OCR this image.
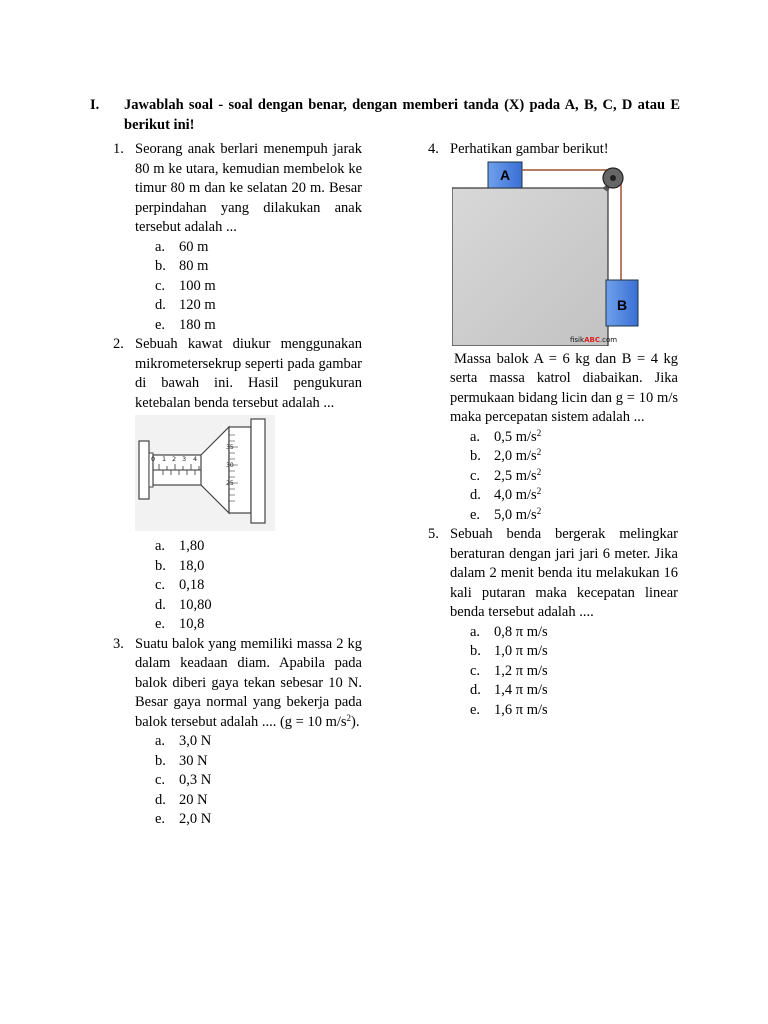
I. Jawablah soal - soal dengan benar, dengan memberi tanda (X) pada A, B, C, D atau E berikut ini!
1. Seorang anak berlari menempuh jarak 80 m ke utara, kemudian membelok ke timur 80 m dan ke selatan 20 m. Besar perpindahan yang dilakukan anak tersebut adalah ...
a. 60 m
b. 80 m
c. 100 m
d. 120 m
e. 180 m
2. Sebuah kawat diukur menggunakan mikrometersekrup seperti pada gambar di bawah ini. Hasil pengukuran ketebalan benda tersebut adalah ...
0 1 2 3 4
35
30
25
a. 1,80
b. 18,0
c. 0,18
d. 10,80
e. 10,8
3. Suatu balok yang memiliki massa 2 kg dalam keadaan diam. Apabila pada balok diberi gaya tekan sebesar 10 N. Besar gaya normal yang bekerja pada balok tersebut adalah .... (g = 10 $m/s^2$).
a. 3,0 N
b. 30 N
c. 0,3 N
d. 20 N
e. 2,0 N
4. Perhatikan gambar berikut!
A
B
fisikABC.com
Massa balok A = 6 kg dan B = 4 kg serta massa katrol diabaikan. Jika permukaan bidang licin dan g = 10 m/s maka percepatan sistem adalah ...
a. 0,5 $m/s^2$
b. 2,0 $m/s^2$
c. 2,5 $m/s^2$
d. 4,0 $m/s^2$
e. 5,0 $m/s^2$
5. Sebuah benda bergerak melingkar beraturan dengan jari jari 6 meter. Jika dalam 2 menit benda itu melakukan 16 kali putaran maka kecepatan linear benda tersebut adalah ....
a. 0,8 π m/s
b. 1,0 π m/s
c. 1,2 π m/s
d. 1,4 π m/s
e. 1,6 π m/s
